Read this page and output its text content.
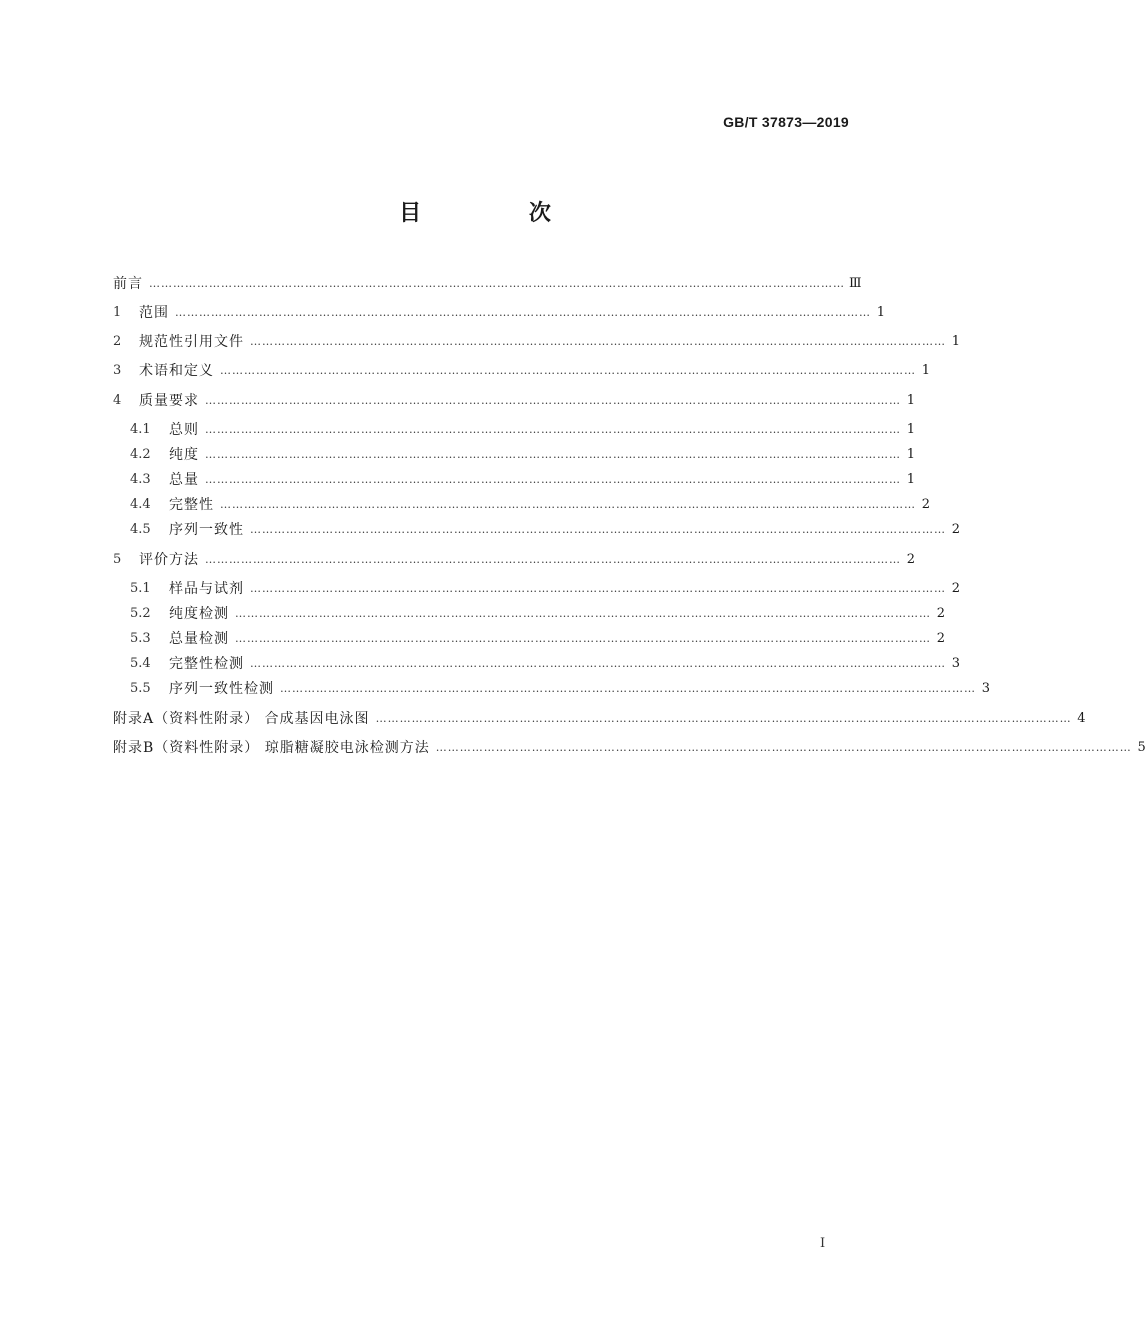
GB/T 37873—2019
目 次
前言 ………………………………………………………………………………………………………………………………………………………… Ⅲ
1	范围 ………………………………………………………………………………………………………………………………………………………… 1
2	规范性引用文件 ………………………………………………………………………………………………………………………………………………………… 1
3	术语和定义 ………………………………………………………………………………………………………………………………………………………… 1
4	质量要求 ………………………………………………………………………………………………………………………………………………………… 1
4.1	总则 ………………………………………………………………………………………………………………………………………………………… 1
4.2	纯度 ………………………………………………………………………………………………………………………………………………………… 1
4.3	总量 ………………………………………………………………………………………………………………………………………………………… 1
4.4	完整性 ………………………………………………………………………………………………………………………………………………………… 2
4.5	序列一致性 ………………………………………………………………………………………………………………………………………………………… 2
5	评价方法 ………………………………………………………………………………………………………………………………………………………… 2
5.1	样品与试剂 ………………………………………………………………………………………………………………………………………………………… 2
5.2	纯度检测 ………………………………………………………………………………………………………………………………………………………… 2
5.3	总量检测 ………………………………………………………………………………………………………………………………………………………… 2
5.4	完整性检测 ………………………………………………………………………………………………………………………………………………………… 3
5.5	序列一致性检测 ………………………………………………………………………………………………………………………………………………………… 3
附录A（资料性附录） 合成基因电泳图 ………………………………………………………………………………………………………………………………………………………… 4
附录B（资料性附录） 琼脂糖凝胶电泳检测方法 ………………………………………………………………………………………………………………………………………………………… 5
I
